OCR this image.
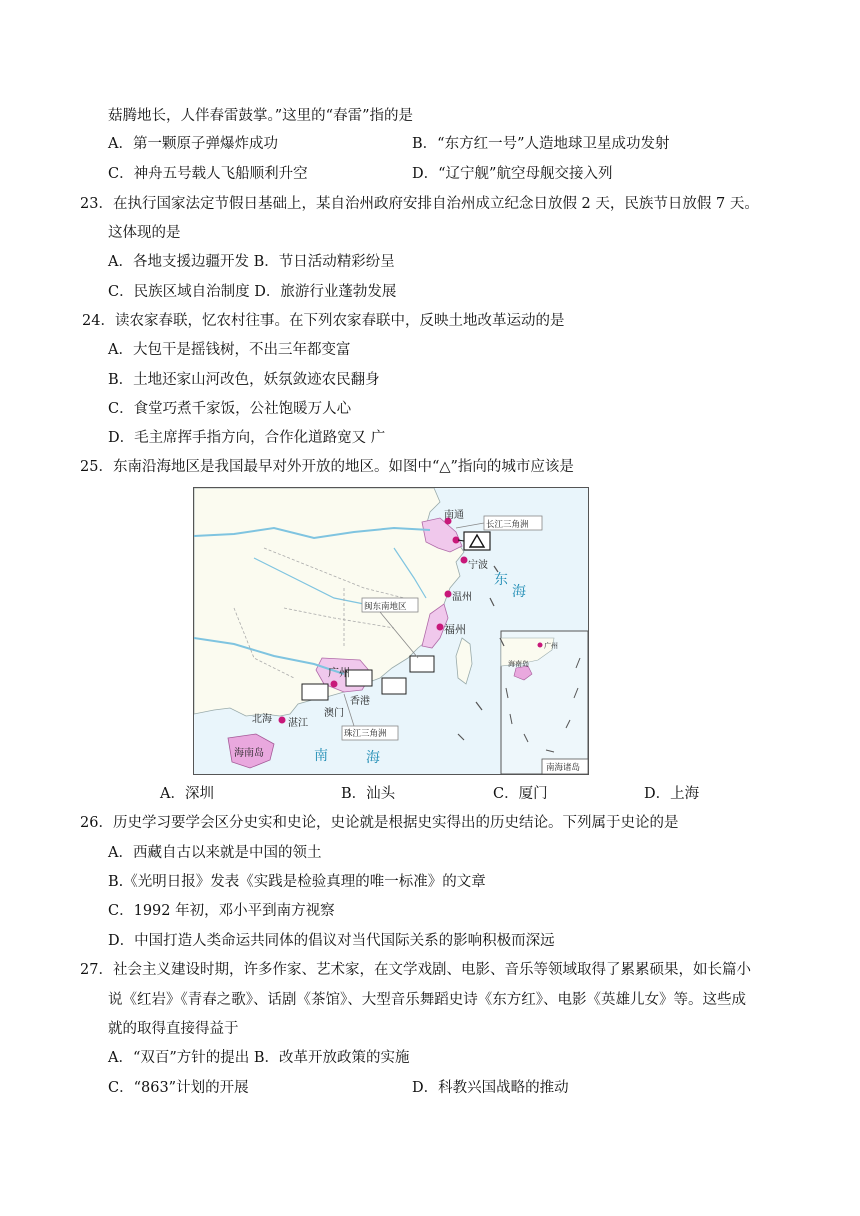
菇腾地长，人伴春雷鼓掌。”这里的“春雷”指的是
A．第一颗原子弹爆炸成功	B．“东方红一号”人造地球卫星成功发射
C．神舟五号载人飞船顺利升空	D．“辽宁舰”航空母舰交接入列
23．在执行国家法定节假日基础上，某自治州政府安排自治州成立纪念日放假 2 天，民族节日放假 7 天。
这体现的是
A．各地支援边疆开发 B．节日活动精彩纷呈
C．民族区域自治制度 D．旅游行业蓬勃发展
24．读农家春联，忆农村往事。在下列农家春联中，反映土地改革运动的是
A．大包干是摇钱树，不出三年都变富
B．土地还家山河改色，妖氛敛迹农民翻身
C．食堂巧煮千家饭，公社饱暖万人心
D．毛主席挥手指方向，合作化道路宽又 广
25．东南沿海地区是我国最早对外开放的地区。如图中“△”指向的城市应该是
南通
长江三角洲
宁波
温州
东
海
闽东南地区
福州
广州
香港
澳门
北海 湛江
珠江三角洲
海南岛	南	海
广州
海南岛
南海诸岛
A．深圳	B．汕头	C．厦门	D．上海
26．历史学习要学会区分史实和史论，史论就是根据史实得出的历史结论。下列属于史论的是
A．西藏自古以来就是中国的领土
B.《光明日报》发表《实践是检验真理的唯一标准》的文章
C．1992 年初，邓小平到南方视察
D．中国打造人类命运共同体的倡议对当代国际关系的影响积极而深远
27．社会主义建设时期，许多作家、艺术家，在文学戏剧、电影、音乐等领域取得了累累硕果，如长篇小
说《红岩》《青春之歌》、话剧《茶馆》、大型音乐舞蹈史诗《东方红》、电影《英雄儿女》等。这些成
就的取得直接得益于
A．“双百”方针的提出 B．改革开放政策的实施
C．“863”计划的开展	D．科教兴国战略的推动
